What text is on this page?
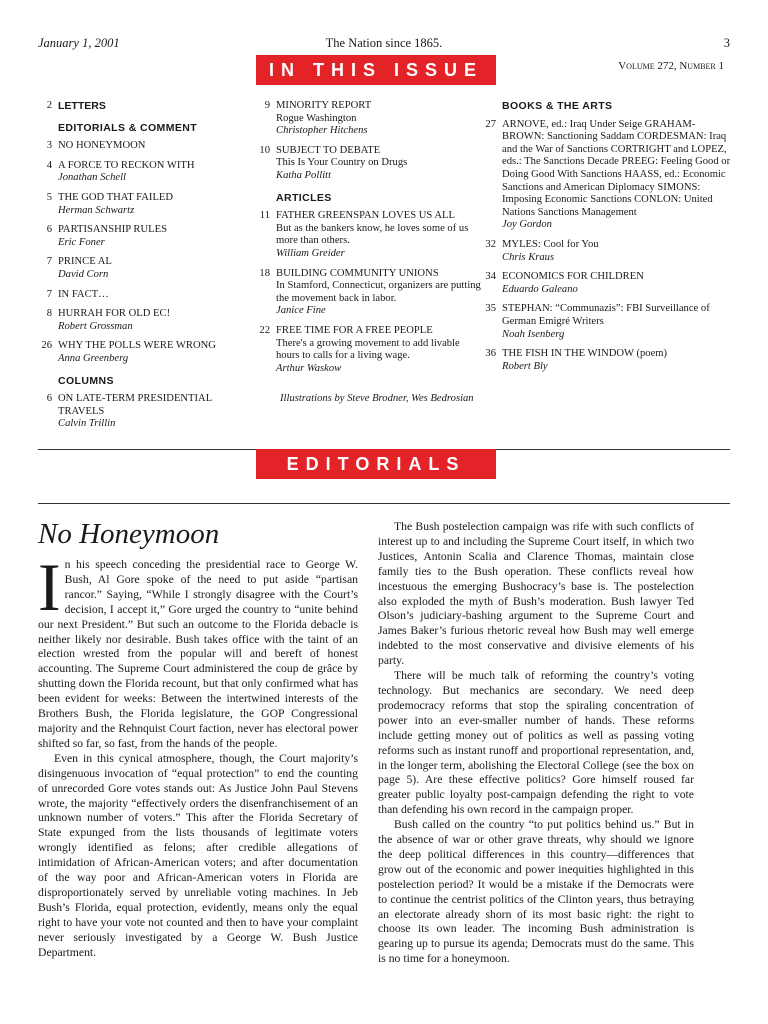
January 1, 2001	The Nation since 1865.	3
IN THIS ISSUE	Volume 272, Number 1
2 LETTERS
EDITORIALS & COMMENT
3 NO HONEYMOON
4 A FORCE TO RECKON WITH
Jonathan Schell
5 THE GOD THAT FAILED
Herman Schwartz
6 PARTISANSHIP RULES
Eric Foner
7 PRINCE AL
David Corn
7 IN FACT…
8 HURRAH FOR OLD EC!
Robert Grossman
26 WHY THE POLLS WERE WRONG
Anna Greenberg
COLUMNS
6 ON LATE-TERM PRESIDENTIAL TRAVELS
Calvin Trillin
9 MINORITY REPORT
Rogue Washington
Christopher Hitchens
10 SUBJECT TO DEBATE
This Is Your Country on Drugs
Katha Pollitt
ARTICLES
11 FATHER GREENSPAN LOVES US ALL
But as the bankers know, he loves some of us more than others.
William Greider
18 BUILDING COMMUNITY UNIONS
In Stamford, Connecticut, organizers are putting the movement back in labor.
Janice Fine
22 FREE TIME FOR A FREE PEOPLE
There's a growing movement to add livable hours to calls for a living wage.
Arthur Waskow
Illustrations by Steve Brodner, Wes Bedrosian
BOOKS & THE ARTS
27 ARNOVE, ed.: Iraq Under Seige GRAHAM-BROWN: Sanctioning Saddam CORDESMAN: Iraq and the War of Sanctions CORTRIGHT and LOPEZ, eds.: The Sanctions Decade PREEG: Feeling Good or Doing Good With Sanctions HAASS, ed.: Economic Sanctions and American Diplomacy SIMONS: Imposing Economic Sanctions CONLON: United Nations Sanctions Management
Joy Gordon
32 MYLES: Cool for You
Chris Kraus
34 ECONOMICS FOR CHILDREN
Eduardo Galeano
35 STEPHAN: “Communazis”: FBI Surveillance of German Emigré Writers
Noah Isenberg
36 THE FISH IN THE WINDOW (poem)
Robert Bly
EDITORIALS
No Honeymoon

In his speech conceding the presidential race to George W. Bush, Al Gore spoke of the need to put aside “partisan rancor.” Saying, “While I strongly disagree with the Court’s decision, I accept it,” Gore urged the country to “unite behind our next President.” But such an outcome to the Florida debacle is neither likely nor desirable. Bush takes office with the taint of an election wrested from the popular will and bereft of honest accounting. The Supreme Court administered the coup de grâce by shutting down the Florida recount, but that only confirmed what has been evident for weeks: Between the intertwined interests of the Brothers Bush, the Florida legislature, the GOP Congressional majority and the Rehnquist Court faction, never has electoral power shifted so far, so fast, from the hands of the people.

Even in this cynical atmosphere, though, the Court majority’s disingenuous invocation of “equal protection” to end the counting of unrecorded Gore votes stands out: As Justice John Paul Stevens wrote, the majority “effectively orders the disenfranchisement of an unknown number of voters.” This after the Florida Secretary of State expunged from the lists thousands of legitimate voters wrongly identified as felons; after credible allegations of intimidation of African-American voters; and after documentation of the way poor and African-American voters in Florida are disproportionately served by unreliable voting machines. In Jeb Bush’s Florida, equal protection, evidently, means only the equal right to have your vote not counted and then to have your complaint never seriously investigated by a George W. Bush Justice Department.

The Bush postelection campaign was rife with such conflicts of interest up to and including the Supreme Court itself, in which two Justices, Antonin Scalia and Clarence Thomas, maintain close family ties to the Bush operation. These conflicts reveal how incestuous the emerging Bushocracy’s base is. The postelection also exploded the myth of Bush’s moderation. Bush lawyer Ted Olson’s judiciary-bashing argument to the Supreme Court and James Baker’s furious rhetoric reveal how Bush may well emerge indebted to the most conservative and divisive elements of his party.

There will be much talk of reforming the country’s voting technology. But mechanics are secondary. We need deep prodemocracy reforms that stop the spiraling concentration of power into an ever-smaller number of hands. These reforms include getting money out of politics as well as passing voting reforms such as instant runoff and proportional representation, and, in the longer term, abolishing the Electoral College (see the box on page 5). Are these effective politics? Gore himself roused far greater public loyalty post-campaign defending the right to vote than defending his own record in the campaign proper.

Bush called on the country “to put politics behind us.” But in the absence of war or other grave threats, why should we ignore the deep political differences in this country—differences that grow out of the economic and power inequities highlighted in this postelection period? It would be a mistake if the Democrats were to continue the centrist politics of the Clinton years, thus betraying an electorate already shorn of its most basic right: the right to choose its own leader. The incoming Bush administration is gearing up to pursue its agenda; Democrats must do the same. This is no time for a honeymoon.
